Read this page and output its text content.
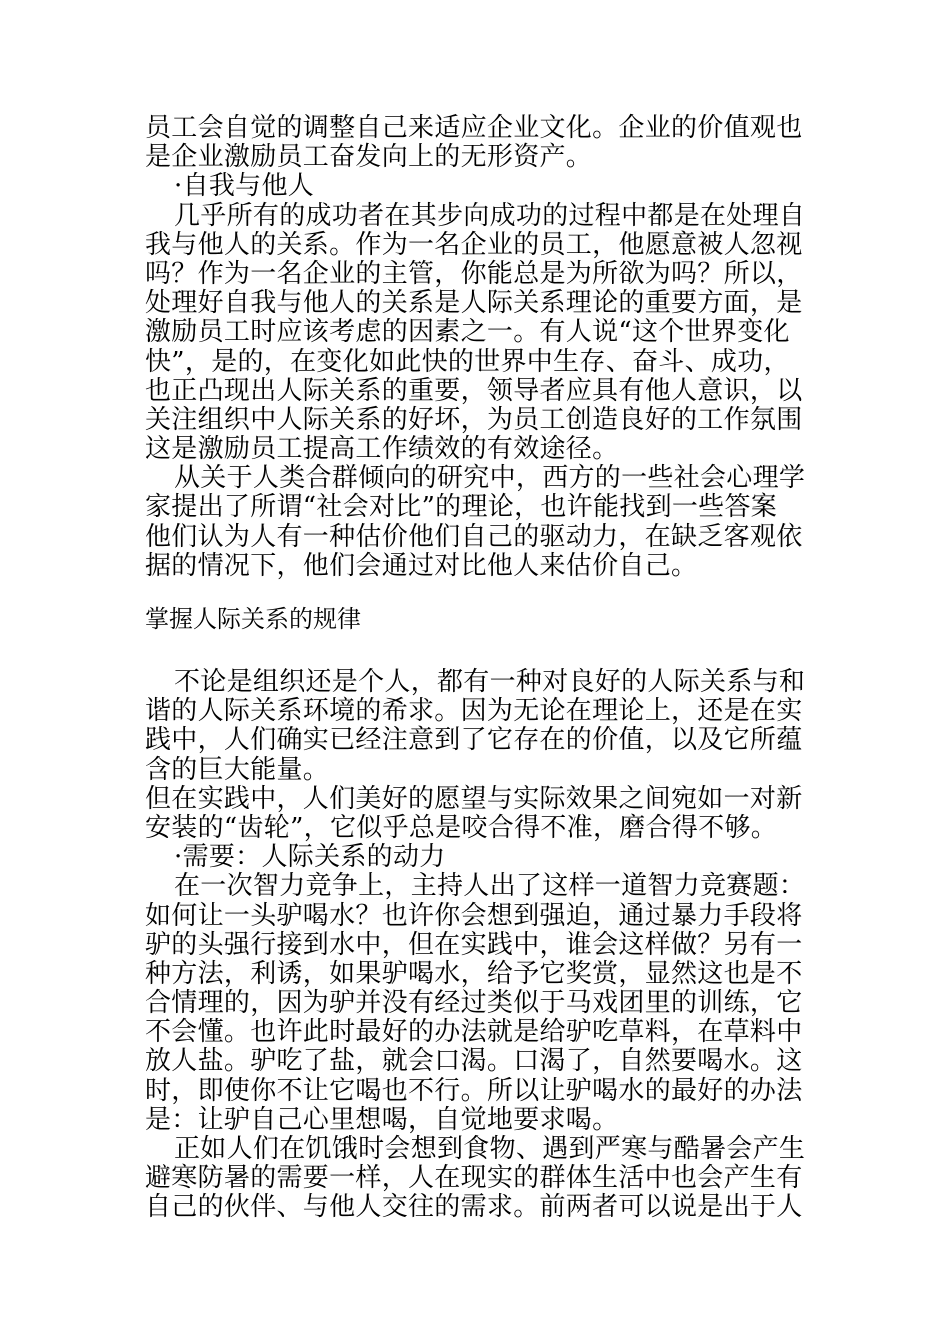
员工会自觉的调整自己来适应企业文化。企业的价值观也
是企业激励员工奋发向上的无形资产。
·自我与他人
几乎所有的成功者在其步向成功的过程中都是在处理自
我与他人的关系。作为一名企业的员工，他愿意被人忽视
吗？作为一名企业的主管，你能总是为所欲为吗？所以，
处理好自我与他人的关系是人际关系理论的重要方面，是
激励员工时应该考虑的因素之一。有人说“这个世界变化
快”，是的，在变化如此快的世界中生存、奋斗、成功，
也正凸现出人际关系的重要，领导者应具有他人意识，以
关注组织中人际关系的好坏，为员工创造良好的工作氛围
这是激励员工提高工作绩效的有效途径。
从关于人类合群倾向的研究中，西方的一些社会心理学
家提出了所谓“社会对比”的理论，也许能找到一些答案
他们认为人有一种估价他们自己的驱动力，在缺乏客观依
据的情况下，他们会通过对比他人来估价自己。
掌握人际关系的规律
不论是组织还是个人，都有一种对良好的人际关系与和
谐的人际关系环境的希求。因为无论在理论上，还是在实
践中，人们确实已经注意到了它存在的价值，以及它所蕴
含的巨大能量。
但在实践中，人们美好的愿望与实际效果之间宛如一对新
安装的“齿轮”，它似乎总是咬合得不准，磨合得不够。
·需要：人际关系的动力
在一次智力竞争上，主持人出了这样一道智力竞赛题：
如何让一头驴喝水？也许你会想到强迫，通过暴力手段将
驴的头强行接到水中，但在实践中，谁会这样做？另有一
种方法，利诱，如果驴喝水，给予它奖赏，显然这也是不
合情理的，因为驴并没有经过类似于马戏团里的训练，它
不会懂。也许此时最好的办法就是给驴吃草料，在草料中
放人盐。驴吃了盐，就会口渴。口渴了，自然要喝水。这
时，即使你不让它喝也不行。所以让驴喝水的最好的办法
是：让驴自己心里想喝，自觉地要求喝。
正如人们在饥饿时会想到食物、遇到严寒与酷暑会产生
避寒防暑的需要一样，人在现实的群体生活中也会产生有
自己的伙伴、与他人交往的需求。前两者可以说是出于人
